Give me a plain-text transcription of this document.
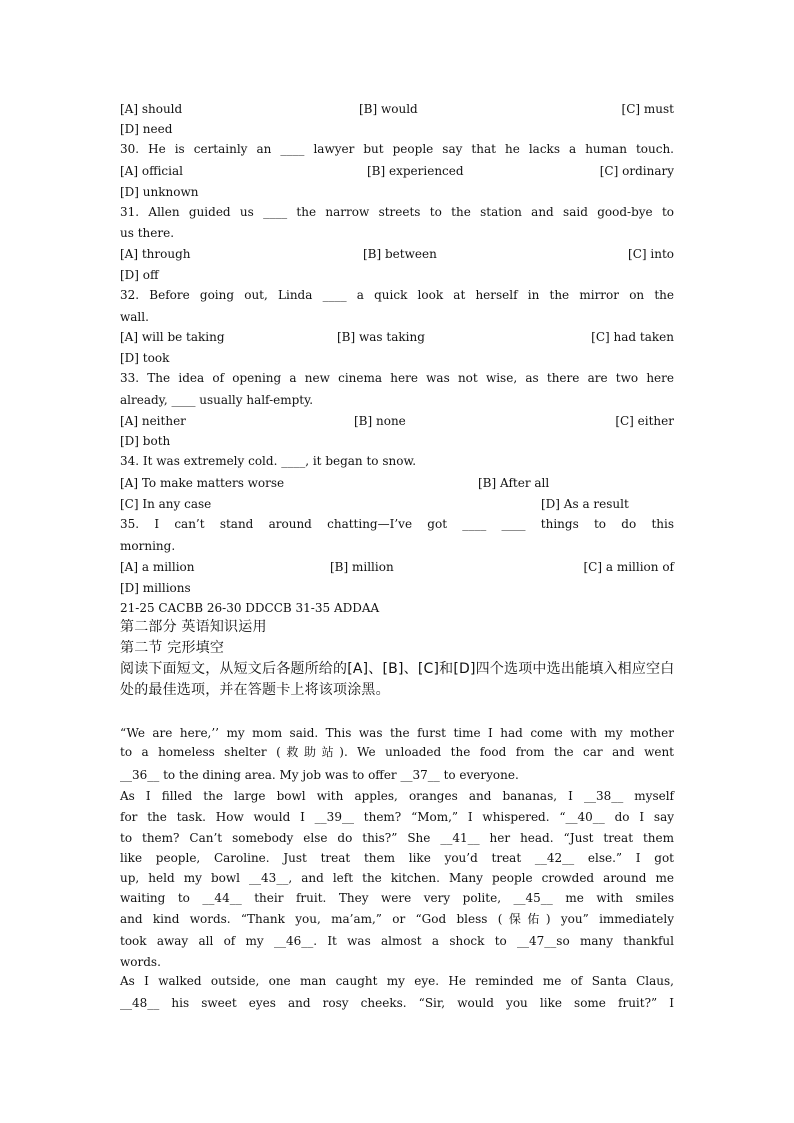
[A] should	[B] would	[C] must
[D] need
30. He is certainly an ____ lawyer but people say that he lacks a human touch.
[A] official	[B] experienced	[C] ordinary
[D] unknown
31. Allen guided us ____ the narrow streets to the station and said good-bye to
us there.
[A] through	[B] between	[C] into
[D] off
32. Before going out, Linda ____ a quick look at herself in the mirror on the
wall.
[A] will be taking	[B] was taking	[C] had taken
[D] took
33. The idea of opening a new cinema here was not wise, as there are two here
already, ____ usually half-empty.
[A] neither	[B] none	[C] either
[D] both
34. It was extremely cold. ____, it began to snow.
[A] To make matters worse	[B] After all
[C] In any case	[D] As a result
35. I can’t stand around chatting—I’ve got ____ ____ things to do this
morning.
[A] a million	[B] million	[C] a million of
[D] millions
21-25 CACBB 26-30 DDCCB 31-35 ADDAA
第二部分 英语知识运用
第二节 完形填空
阅读下面短文，从短文后各题所给的[A]、[B]、[C]和[D]四个选项中选出能填入相应空白
处的最佳选项，并在答题卡上将该项涂黑。
“We are here,’’ my mom said. This was the furst time I had come with my mother
to a homeless shelter (救助站). We unloaded the food from the car and went
__36__ to the dining area. My job was to offer __37__ to everyone.
As I filled the large bowl with apples, oranges and bananas, I __38__ myself
for the task. How would I __39__ them? “Mom,” I whispered. “__40__ do I say
to them? Can’t somebody else do this?” She __41__ her head. “Just treat them
like people, Caroline. Just treat them like you’d treat __42__ else.” I got
up, held my bowl __43__, and left the kitchen. Many people crowded around me
waiting to __44__ their fruit. They were very polite, __45__ me with smiles
and kind words. “Thank you, ma’am,” or “God bless (保佑) you” immediately
took away all of my __46__. It was almost a shock to __47__so many thankful
words.
As I walked outside, one man caught my eye. He reminded me of Santa Claus,
__48__ his sweet eyes and rosy cheeks. “Sir, would you like some fruit?” I
